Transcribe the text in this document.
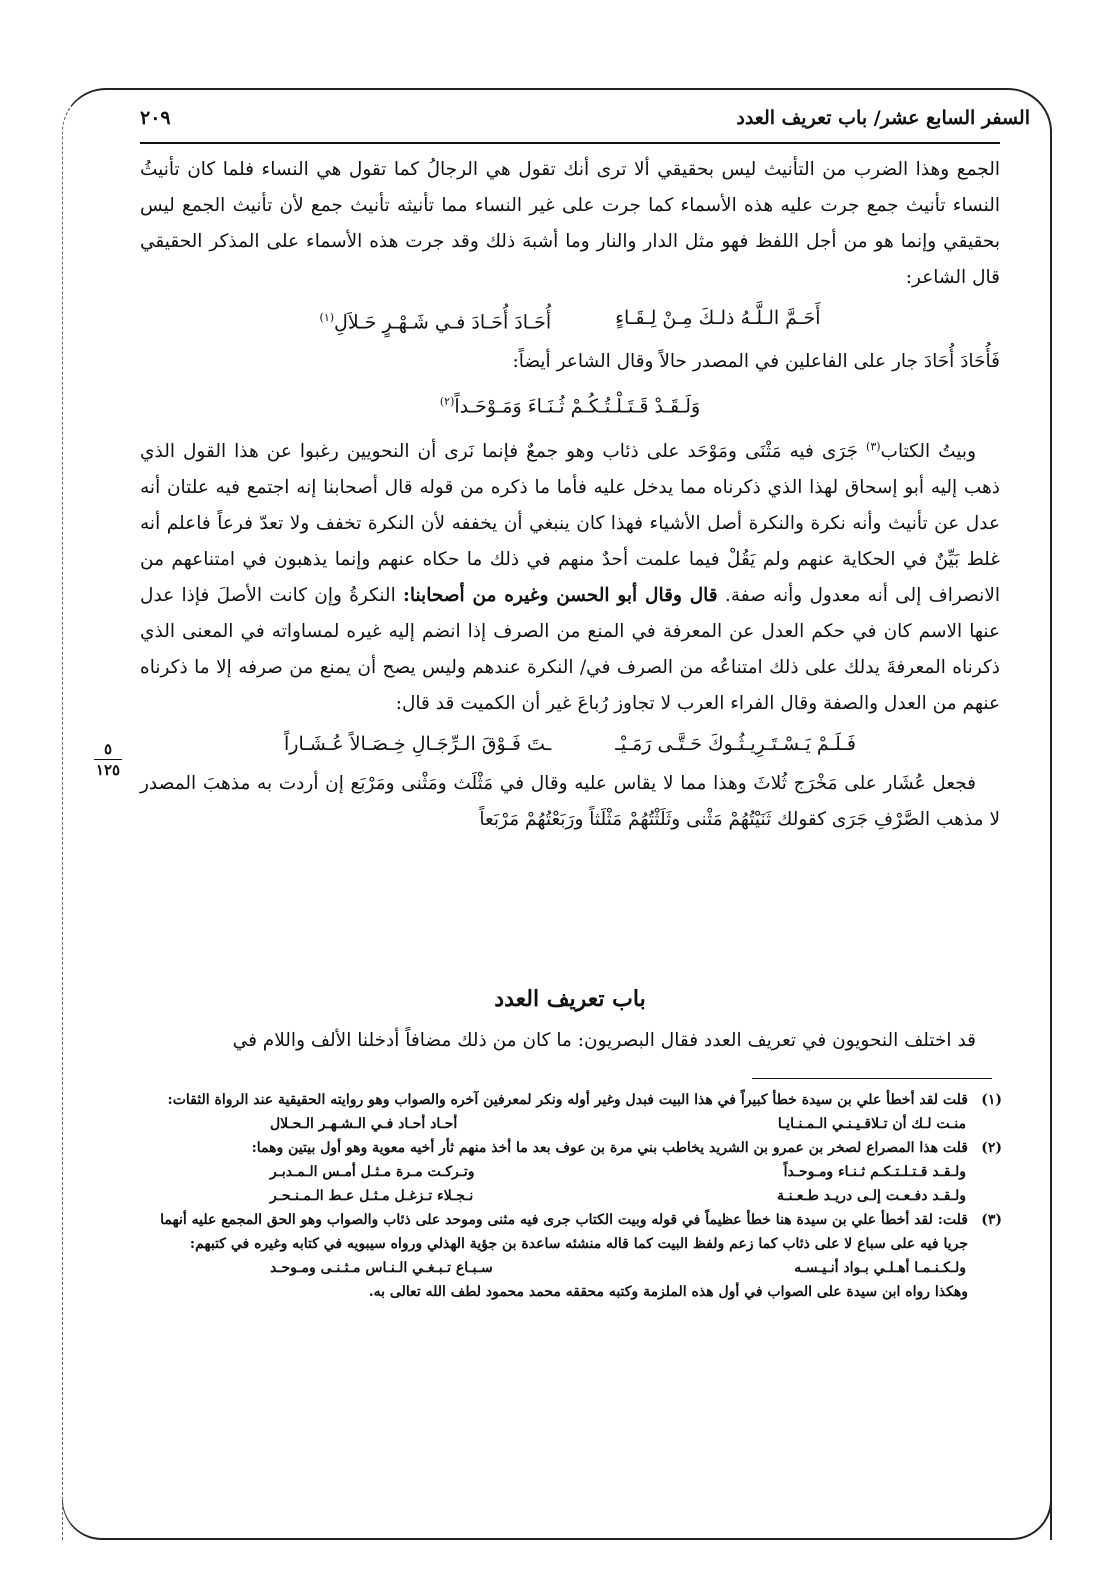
السفر السابع عشر/ باب تعريف العدد
٢٠٩

الجمع وهذا الضرب من التأنيث ليس بحقيقي ألا ترى أنك تقول هي الرجالُ كما تقول هي النساء فلما كان تأنيثُ النساء تأنيث جمع جرت عليه هذه الأسماء كما جرت على غير النساء مما تأنيثه تأنيث جمع لأن تأنيث الجمع ليس بحقيقي وإنما هو من أجل اللفظ فهو مثل الدار والنار وما أشبهَ ذلك وقد جرت هذه الأسماء على المذكر الحقيقي قال الشاعر:

أَحَـمَّ الـلَّـهُ ذلـكَ مِـنْ لِـقَـاءٍ
أُحَـادَ أُحَـادَ فـي شَـهْـرٍ حَـلاَلِ$^{(١)}$

فَأُحَادَ أُحَادَ جار على الفاعلين في المصدر حالاً وقال الشاعر أيضاً:

وَلَـقَـدْ قَـتَـلْـتُـكُـمْ ثُـنَـاءَ وَمَـوْحَـداً$^{(٢)}$

وبيتُ الكتاب$^{(٣)}$ جَرَى فيه مَثْنَى ومَوْحَد على ذئاب وهو جمعٌ فإنما نَرى أن النحويين رغبوا عن هذا القول الذي ذهب إليه أبو إسحاق لهذا الذي ذكرناه مما يدخل عليه فأما ما ذكره من قوله قال أصحابنا إنه اجتمع فيه علتان أنه عدل عن تأنيث وأنه نكرة والنكرة أصل الأشياء فهذا كان ينبغي أن يخففه لأن النكرة تخفف ولا تعدّ فرعاً فاعلم أنه غلط بَيِّنٌ في الحكاية عنهم ولم يَقُلْ فيما علمت أحدٌ منهم في ذلك ما حكاه عنهم وإنما يذهبون في امتناعهم من الانصراف إلى أنه معدول وأنه صفة. قال وقال أبو الحسن وغيره من أصحابنا: النكرةُ وإن كانت الأصلَ فإذا عدل عنها الاسم كان في حكم العدل عن المعرفة في المنع من الصرف إذا انضم إليه غيره لمساواته في المعنى الذي ذكرناه المعرفةَ يدلك على ذلك امتناعُه من الصرف في/ النكرة عندهم وليس يصح أن يمنع من صرفه إلا ما ذكرناه عنهم من العدل والصفة وقال الفراء العرب لا تجاوز رُباعَ غير أن الكميت قد قال:

فَـلَـمْ يَـسْـتَـرِيـثُـوكَ حَـتَّـى رَمَـيْـ
ـتَ فَـوْقَ الـرِّجَـالِ خِـصَـالاً عُـشَـاراً

فجعل عُشَار على مَخْرَج ثُلاثَ وهذا مما لا يقاس عليه وقال في مَثْلَث ومَثْنى ومَرْبَع إن أردت به مذهبَ المصدر لا مذهب الصَّرْفِ جَرَى كقولك ثَنَيْتُهُمْ مَثْنى وثَلَثْتُهُمْ مَثْلَثاً ورَبَعْتُهُمْ مَرْبَعاً

٥
١٢٥
باب تعريف العدد
قد اختلف النحويون في تعريف العدد فقال البصريون: ما كان من ذلك مضافاً أدخلنا الألف واللام في
(١)
قلت لقد أخطأ علي بن سيدة خطأ كبيراً في هذا البيت فبدل وغير أوله ونكر لمعرفين آخره والصواب وهو روايته الحقيقية عند الرواة الثقات:
منـت لـك أن تـلاقـيـنـي الـمـنـايـا
أحـاد أحـاد فـي الـشـهـر الـحـلال
(٢)
قلت هذا المصراع لصخر بن عمرو بن الشريد يخاطب بني مرة بن عوف بعد ما أخذ منهم ثأر أخيه معوية وهو أول بيتين وهما:
ولـقـد قـتـلـتـكـم ثـنـاء ومـوحـداً
وتـركـت مـرة مـثـل أمـس الـمـدبـر
ولـقـد دفـعـت إلـى دريـد طـعـنـة
نـجـلاء تـزغـل مـثـل عـط الـمـنـحـر
(٣)
قلت: لقد أخطأ علي بن سيدة هنا خطأ عظيماً في قوله وبيت الكتاب جرى فيه مثنى وموحد على ذئاب والصواب وهو الحق المجمع عليه أنهما جريا فيه على سباع لا على ذئاب كما زعم ولفظ البيت كما قاله منشئه ساعدة بن جؤية الهذلي ورواه سيبويه في كتابه وغيره في كتبهم:
ولـكـنـمـا أهـلـي بـواد أنـيـسـه
سـبـاع تـبـغـي الـنـاس مـثـنـى ومـوحـد
وهكذا رواه ابن سيدة على الصواب في أول هذه الملزمة وكتبه محققه محمد محمود لطف الله تعالى به.
